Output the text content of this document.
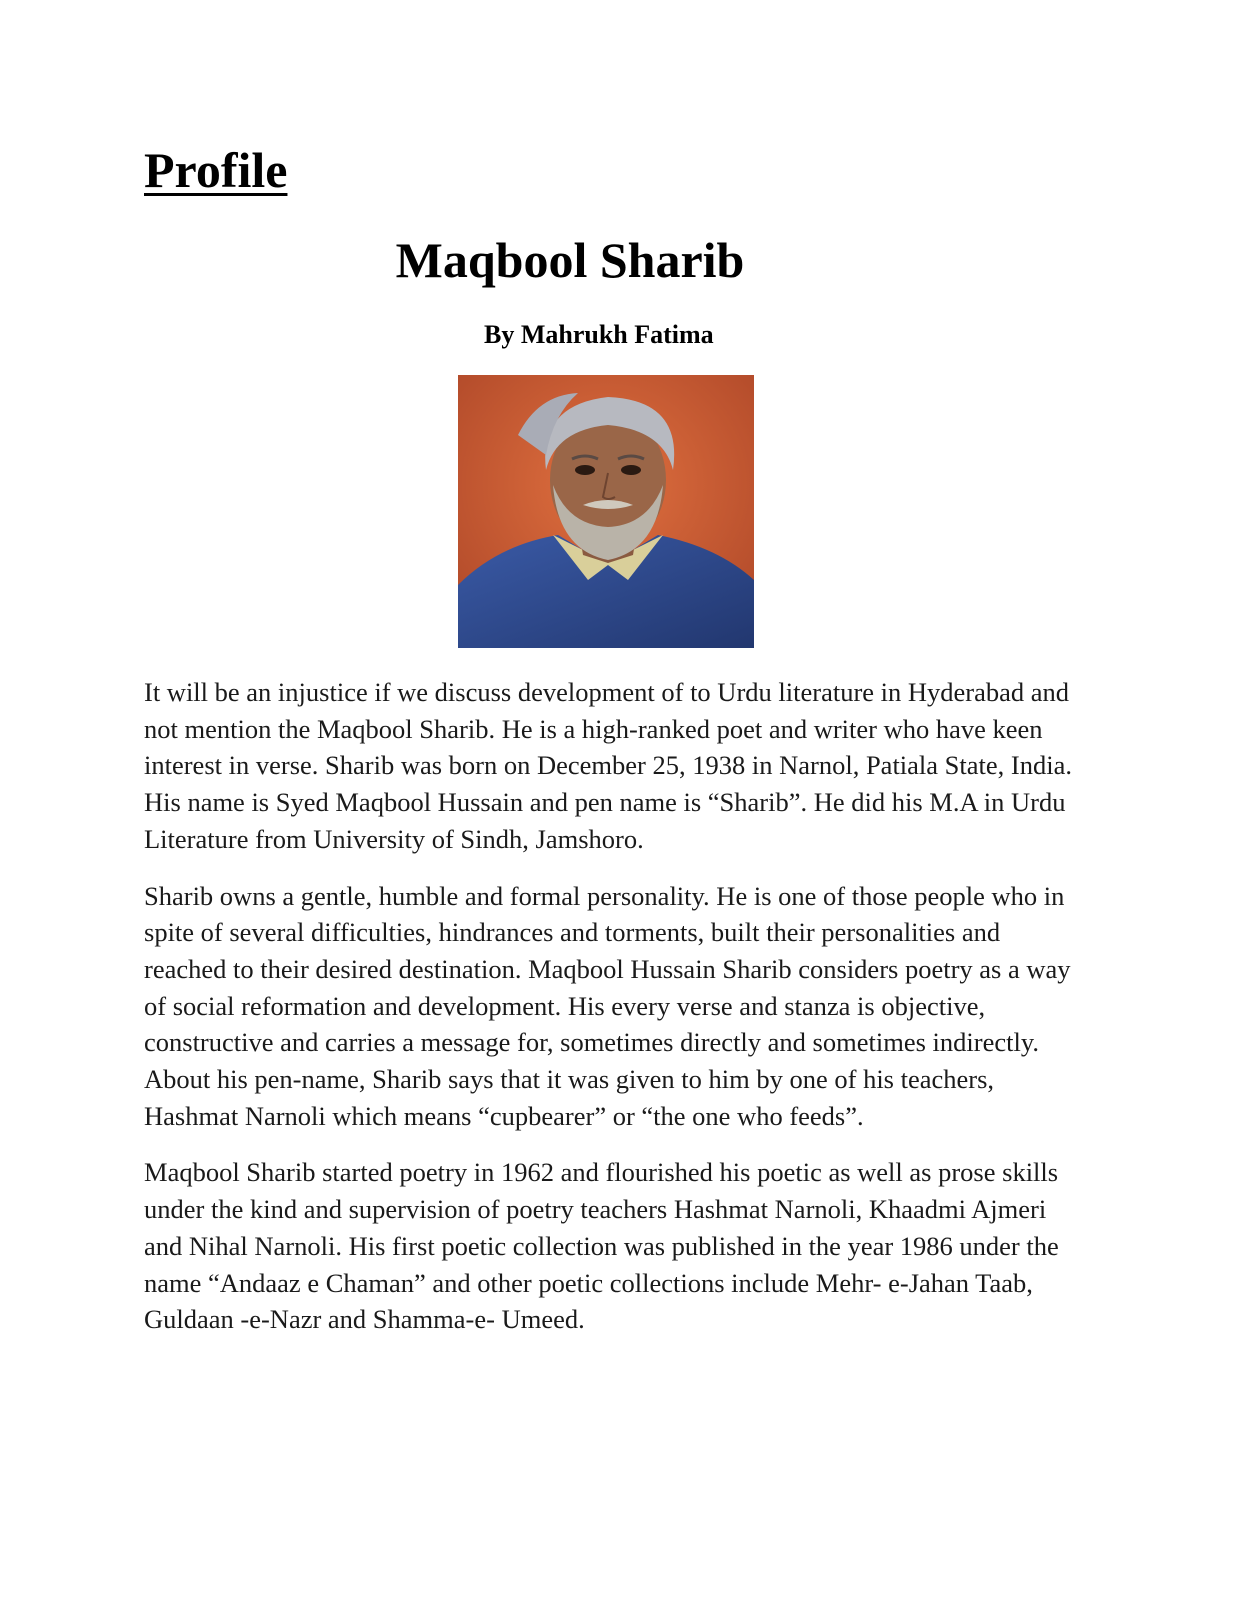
Profile
Maqbool Sharib
By Mahrukh Fatima

It will be an injustice if we discuss development of to Urdu literature in Hyderabad and not mention the Maqbool Sharib. He is a high-ranked poet and writer who have keen interest in verse. Sharib was born on December 25, 1938 in Narnol, Patiala State, India. His name is Syed Maqbool Hussain and pen name is “Sharib”. He did his M.A in Urdu Literature from University of Sindh, Jamshoro.

Sharib owns a gentle, humble and formal personality. He is one of those people who in spite of several difficulties, hindrances and torments, built their personalities and reached to their desired destination. Maqbool Hussain Sharib considers poetry as a way of social reformation and development. His every verse and stanza is objective, constructive and carries a message for, sometimes directly and sometimes indirectly. About his pen-name, Sharib says that it was given to him by one of his teachers, Hashmat Narnoli which means “cupbearer” or “the one who feeds”.

Maqbool Sharib started poetry in 1962 and flourished his poetic as well as prose skills under the kind and supervision of poetry teachers Hashmat Narnoli, Khaadmi Ajmeri and Nihal Narnoli. His first poetic collection was published in the year 1986 under the name “Andaaz e Chaman” and other poetic collections include Mehr- e-Jahan Taab, Guldaan -e-Nazr and Shamma-e- Umeed.
